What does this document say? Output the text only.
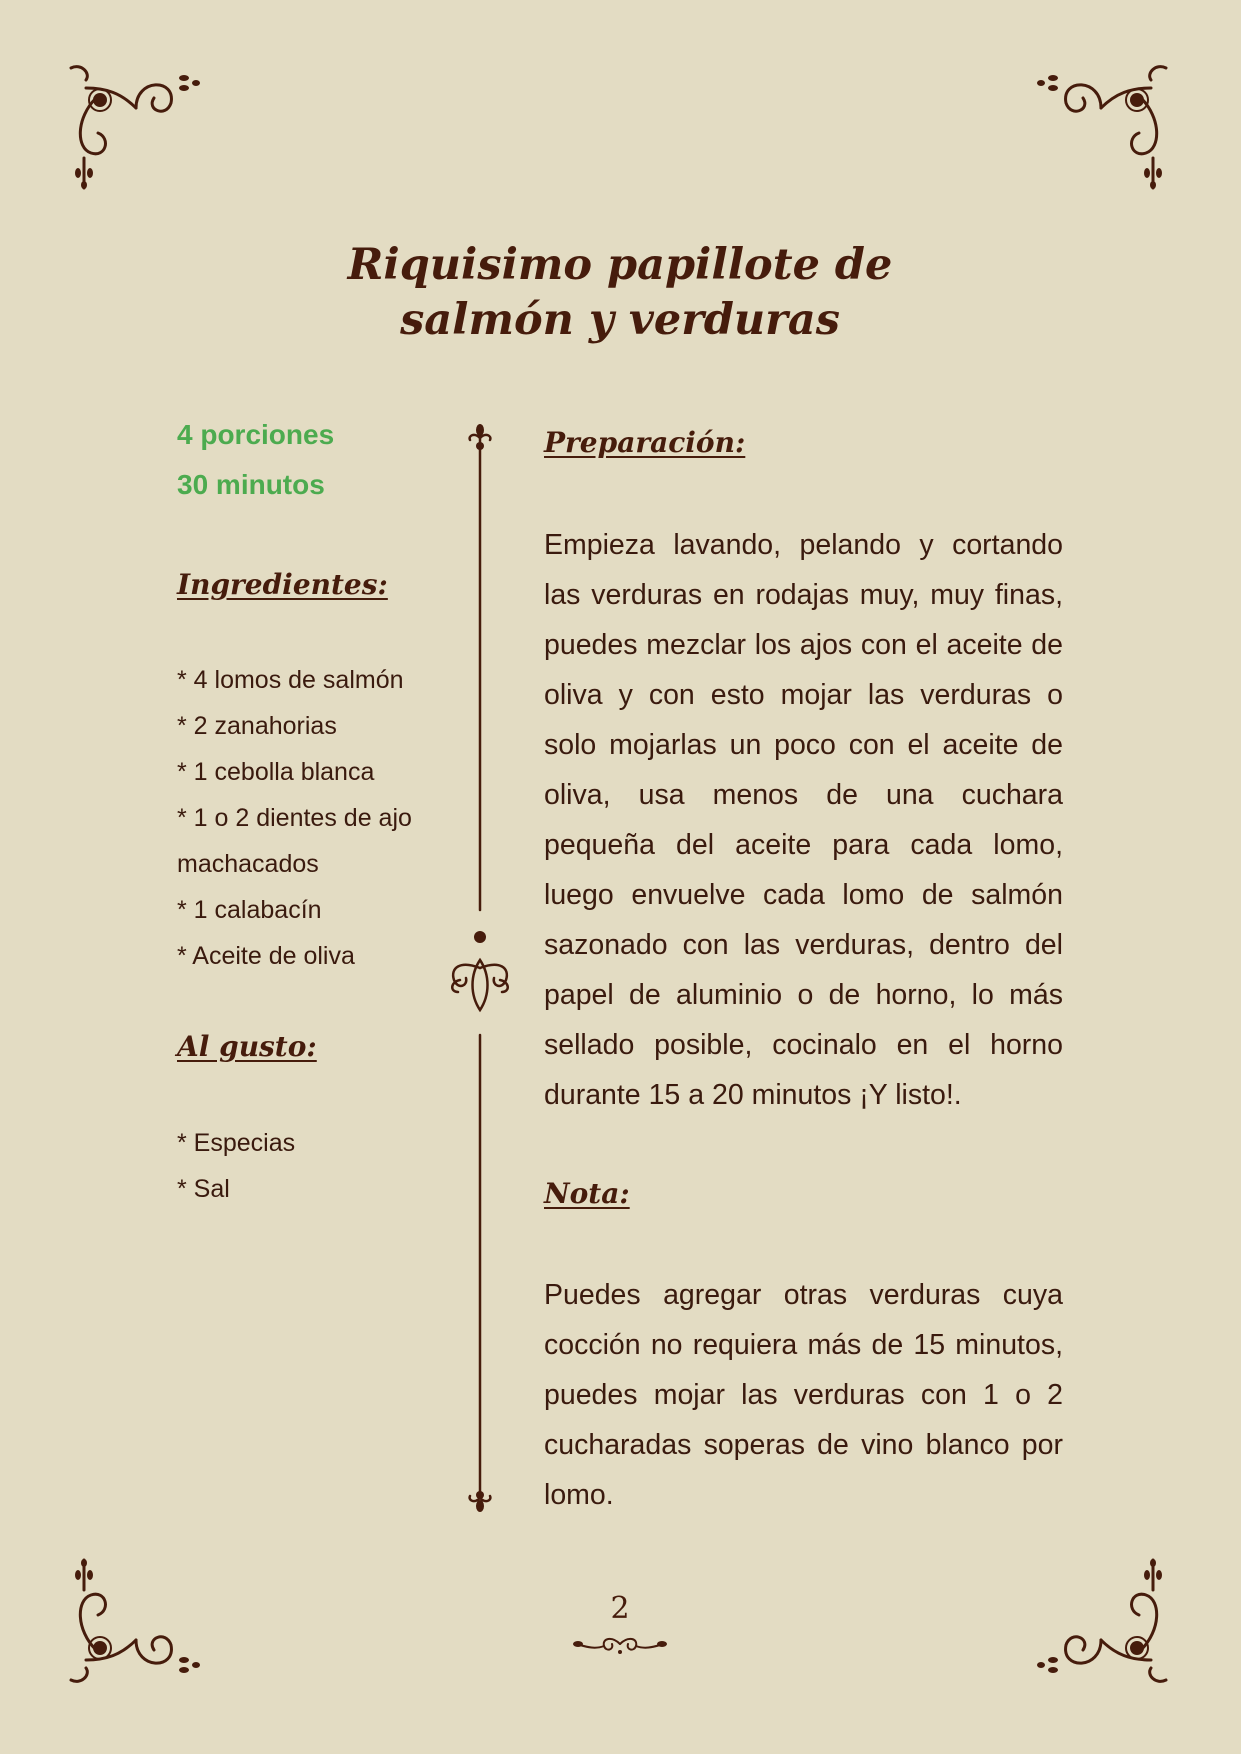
Riquisimo papillote de salmón y verduras
4 porciones
30 minutos
Ingredientes:
* 4 lomos de salmón
* 2 zanahorias
* 1 cebolla blanca
* 1 o 2 dientes de ajo machacados
* 1 calabacín
* Aceite de oliva
Al gusto:
* Especias
* Sal
Preparación:

Empieza lavando, pelando y cortando las verduras en rodajas muy, muy finas, puedes mezclar los ajos con el aceite de oliva y con esto mojar las verduras o solo mojarlas un poco con el aceite de oliva, usa menos de una cuchara pequeña del aceite para cada lomo, luego envuelve cada lomo de salmón sazonado con las verduras, dentro del papel de aluminio o de horno, lo más sellado posible, cocinalo en el horno durante 15 a 20 minutos ¡Y listo!.

Nota:

Puedes agregar otras verduras cuya cocción no requiera más de 15 minutos, puedes mojar las verduras con 1 o 2 cucharadas soperas de vino blanco por lomo.

2
